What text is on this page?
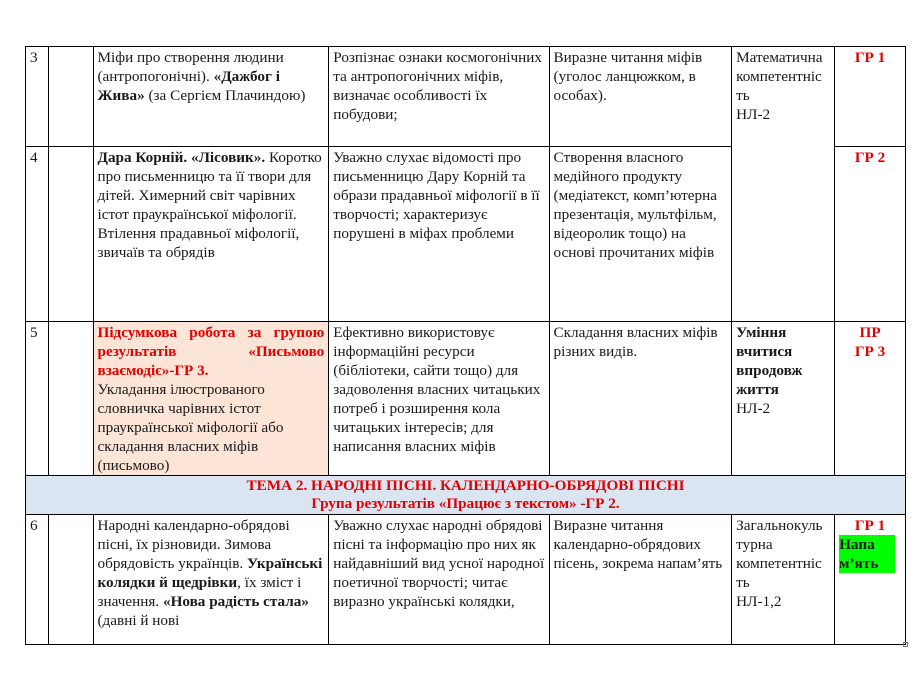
3		Міфи про створення людини (антропогонічні). «Дажбог і Жива» (за Сергієм Плачиндою)	Розпізнає ознаки космогонічних та антропогонічних міфів, визначає особливості їх побудови;	Виразне читання міфів (уголос ланцюжком, в особах).	Математична
компетентніс
ть
НЛ-2	ГР 1
4		Дара Корній. «Лісовик». Коротко про письменницю та її твори для дітей. Химерний світ чарівних істот праукраїнської міфології. Втілення прадавньої міфології, звичаїв та обрядів	Уважно слухає відомості про письменницю Дару Корній та образи прадавньої міфології в її творчості; характеризує порушені в міфах проблеми	Створення власного медійного продукту (медіатекст, комп’ютерна презентація, мультфільм, відеоролик тощо) на основі прочитаних міфів		ГР 2
5		Підсумкова робота за групою результатів «Письмово взаємодіє»-ГР 3.
Укладання ілюстрованого словничка чарівних істот праукраїнської міфології або складання власних міфів (письмово)	Ефективно використовує інформаційні ресурси (бібліотеки, сайти тощо) для задоволення власних читацьких потреб і розширення кола читацьких інтересів; для написання власних міфів	Складання власних міфів різних видів.	Уміння
вчитися
впродовж
життя
НЛ-2	ПР
ГР 3

ТЕМА 2. НАРОДНІ ПІСНІ. КАЛЕНДАРНО-ОБРЯДОВІ ПІСНІ
Група результатів «Працює з текстом» -ГР 2.						

6		Народні календарно-обрядові пісні, їх різновиди. Зимова обрядовість українців. Українські колядки й щедрівки, їх зміст і значення. «Нова радість стала» (давні й нові	Уважно слухає народні обрядові пісні та інформацію про них як найдавніший вид усної народної поетичної творчості; читає виразно українські колядки,	Виразне читання календарно-обрядових пісень, зокрема напам’ять	Загальнокуль
турна
компетентніс
ть
НЛ-1,2	ГР 1
Напам’ять
